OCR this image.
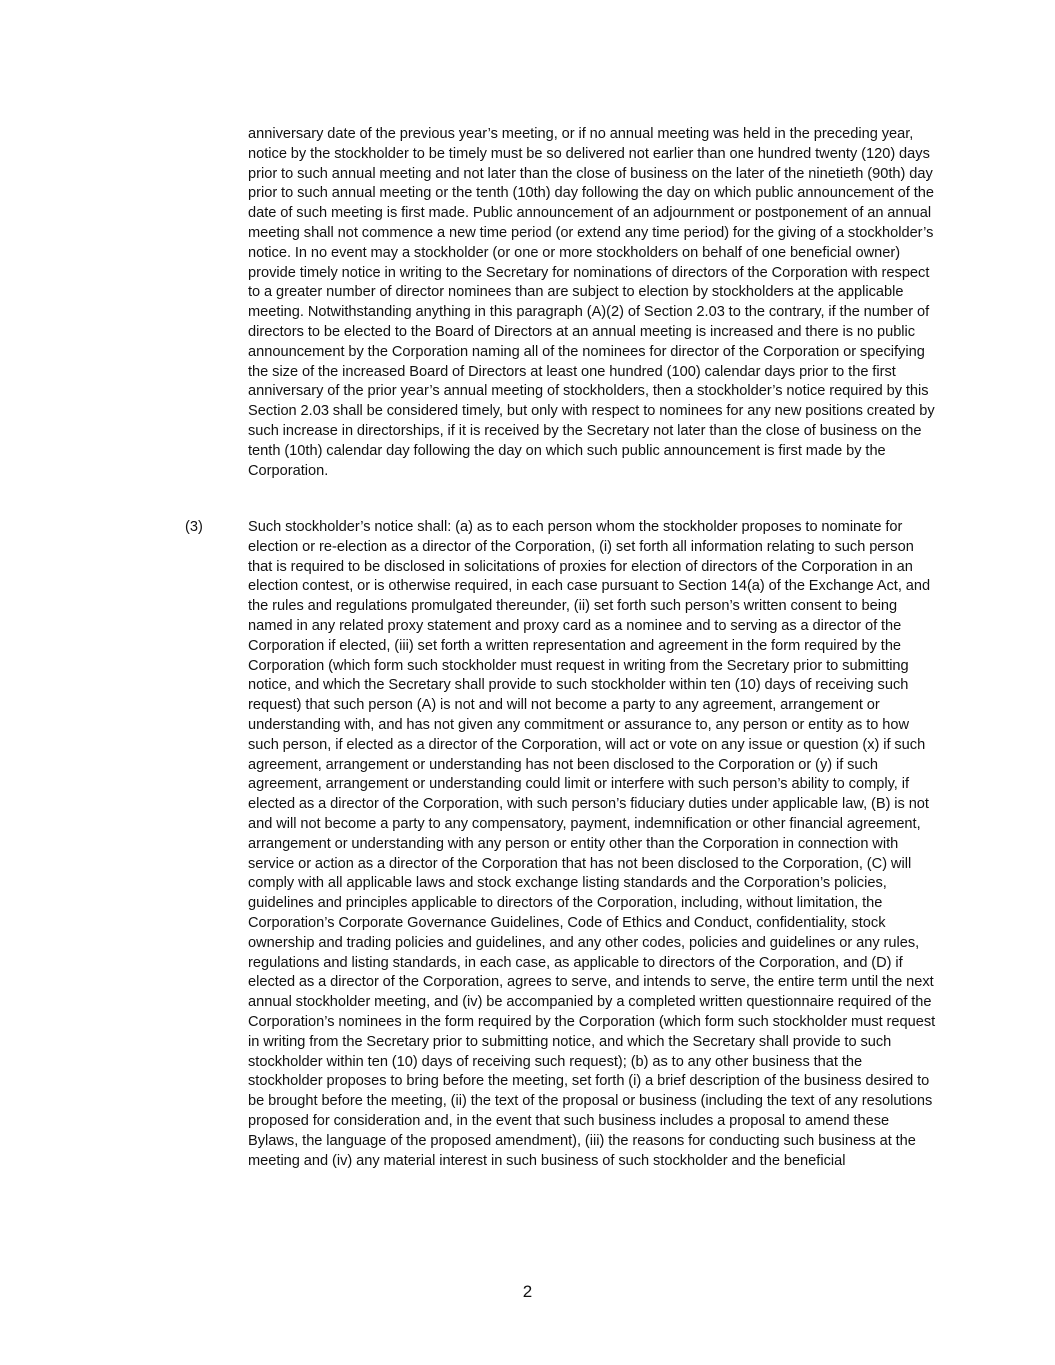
anniversary date of the previous year’s meeting, or if no annual meeting was held in the preceding year, notice by the stockholder to be timely must be so delivered not earlier than one hundred twenty (120) days prior to such annual meeting and not later than the close of business on the later of the ninetieth (90th) day prior to such annual meeting or the tenth (10th) day following the day on which public announcement of the date of such meeting is first made. Public announcement of an adjournment or postponement of an annual meeting shall not commence a new time period (or extend any time period) for the giving of a stockholder’s notice. In no event may a stockholder (or one or more stockholders on behalf of one beneficial owner) provide timely notice in writing to the Secretary for nominations of directors of the Corporation with respect to a greater number of director nominees than are subject to election by stockholders at the applicable meeting. Notwithstanding anything in this paragraph (A)(2) of Section 2.03 to the contrary, if the number of directors to be elected to the Board of Directors at an annual meeting is increased and there is no public announcement by the Corporation naming all of the nominees for director of the Corporation or specifying the size of the increased Board of Directors at least one hundred (100) calendar days prior to the first anniversary of the prior year’s annual meeting of stockholders, then a stockholder’s notice required by this Section 2.03 shall be considered timely, but only with respect to nominees for any new positions created by such increase in directorships, if it is received by the Secretary not later than the close of business on the tenth (10th) calendar day following the day on which such public announcement is first made by the Corporation.

(3)	Such stockholder’s notice shall: (a) as to each person whom the stockholder proposes to nominate for election or re-election as a director of the Corporation, (i) set forth all information relating to such person that is required to be disclosed in solicitations of proxies for election of directors of the Corporation in an election contest, or is otherwise required, in each case pursuant to Section 14(a) of the Exchange Act, and the rules and regulations promulgated thereunder, (ii) set forth such person’s written consent to being named in any related proxy statement and proxy card as a nominee and to serving as a director of the Corporation if elected, (iii) set forth a written representation and agreement in the form required by the Corporation (which form such stockholder must request in writing from the Secretary prior to submitting notice, and which the Secretary shall provide to such stockholder within ten (10) days of receiving such request) that such person (A) is not and will not become a party to any agreement, arrangement or understanding with, and has not given any commitment or assurance to, any person or entity as to how such person, if elected as a director of the Corporation, will act or vote on any issue or question (x) if such agreement, arrangement or understanding has not been disclosed to the Corporation or (y) if such agreement, arrangement or understanding could limit or interfere with such person’s ability to comply, if elected as a director of the Corporation, with such person’s fiduciary duties under applicable law, (B) is not and will not become a party to any compensatory, payment, indemnification or other financial agreement, arrangement or understanding with any person or entity other than the Corporation in connection with service or action as a director of the Corporation that has not been disclosed to the Corporation, (C) will comply with all applicable laws and stock exchange listing standards and the Corporation’s policies, guidelines and principles applicable to directors of the Corporation, including, without limitation, the Corporation’s Corporate Governance Guidelines, Code of Ethics and Conduct, confidentiality, stock ownership and trading policies and guidelines, and any other codes, policies and guidelines or any rules, regulations and listing standards, in each case, as applicable to directors of the Corporation, and (D) if elected as a director of the Corporation, agrees to serve, and intends to serve, the entire term until the next annual stockholder meeting, and (iv) be accompanied by a completed written questionnaire required of the Corporation’s nominees in the form required by the Corporation (which form such stockholder must request in writing from the Secretary prior to submitting notice, and which the Secretary shall provide to such stockholder within ten (10) days of receiving such request); (b) as to any other business that the stockholder proposes to bring before the meeting, set forth (i) a brief description of the business desired to be brought before the meeting, (ii) the text of the proposal or business (including the text of any resolutions proposed for consideration and, in the event that such business includes a proposal to amend these Bylaws, the language of the proposed amendment), (iii) the reasons for conducting such business at the meeting and (iv) any material interest in such business of such stockholder and the beneficial

2
